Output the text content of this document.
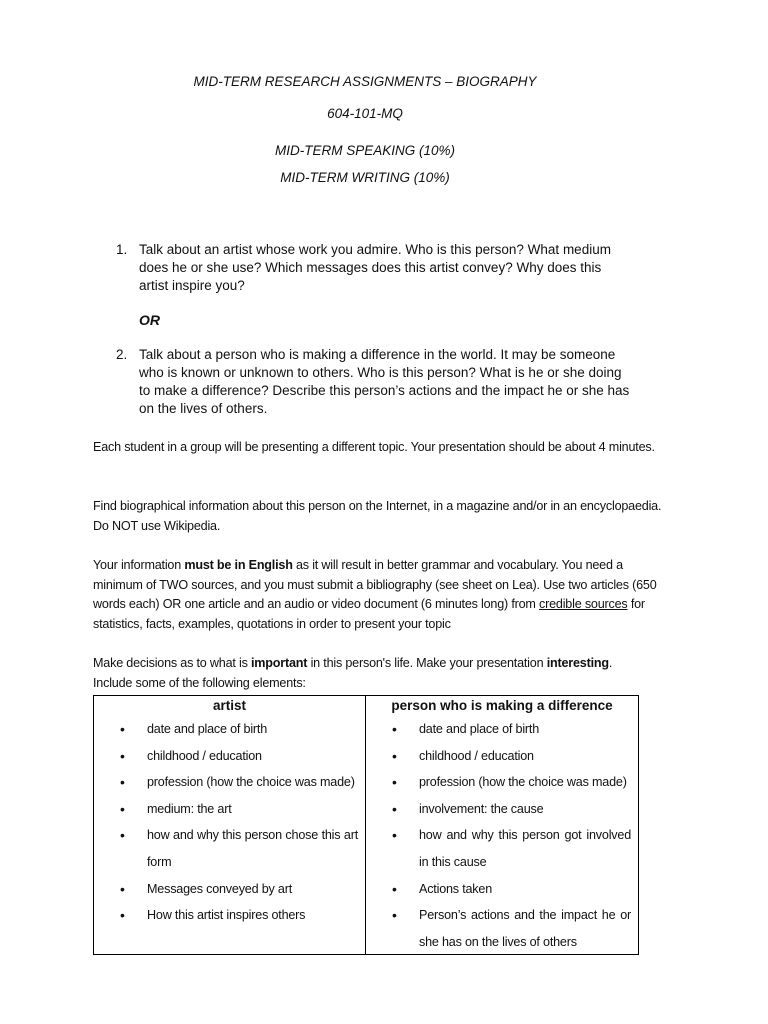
MID-TERM RESEARCH ASSIGNMENTS – BIOGRAPHY
604-101-MQ
MID-TERM SPEAKING (10%)
MID-TERM WRITING (10%)
1. Talk about an artist whose work you admire. Who is this person? What medium does he or she use? Which messages does this artist convey? Why does this artist inspire you?
OR
2. Talk about a person who is making a difference in the world. It may be someone who is known or unknown to others. Who is this person? What is he or she doing to make a difference? Describe this person’s actions and the impact he or she has on the lives of others.
Each student in a group will be presenting a different topic. Your presentation should be about 4 minutes.
Find biographical information about this person on the Internet, in a magazine and/or in an encyclopaedia. Do NOT use Wikipedia.
Your information must be in English as it will result in better grammar and vocabulary. You need a minimum of TWO sources, and you must submit a bibliography (see sheet on Lea). Use two articles (650 words each) OR one article and an audio or video document (6 minutes long) from credible sources for statistics, facts, examples, quotations in order to present your topic
Make decisions as to what is important in this person's life. Make your presentation interesting.
Include some of the following elements:
artist
• date and place of birth
• childhood / education
• profession (how the choice was made)
• medium: the art
• how and why this person chose this art form
• Messages conveyed by art
• How this artist inspires others
person who is making a difference
• date and place of birth
• childhood / education
• profession (how the choice was made)
• involvement: the cause
• how and why this person got involved in this cause
• Actions taken
• Person’s actions and the impact he or she has on the lives of others
